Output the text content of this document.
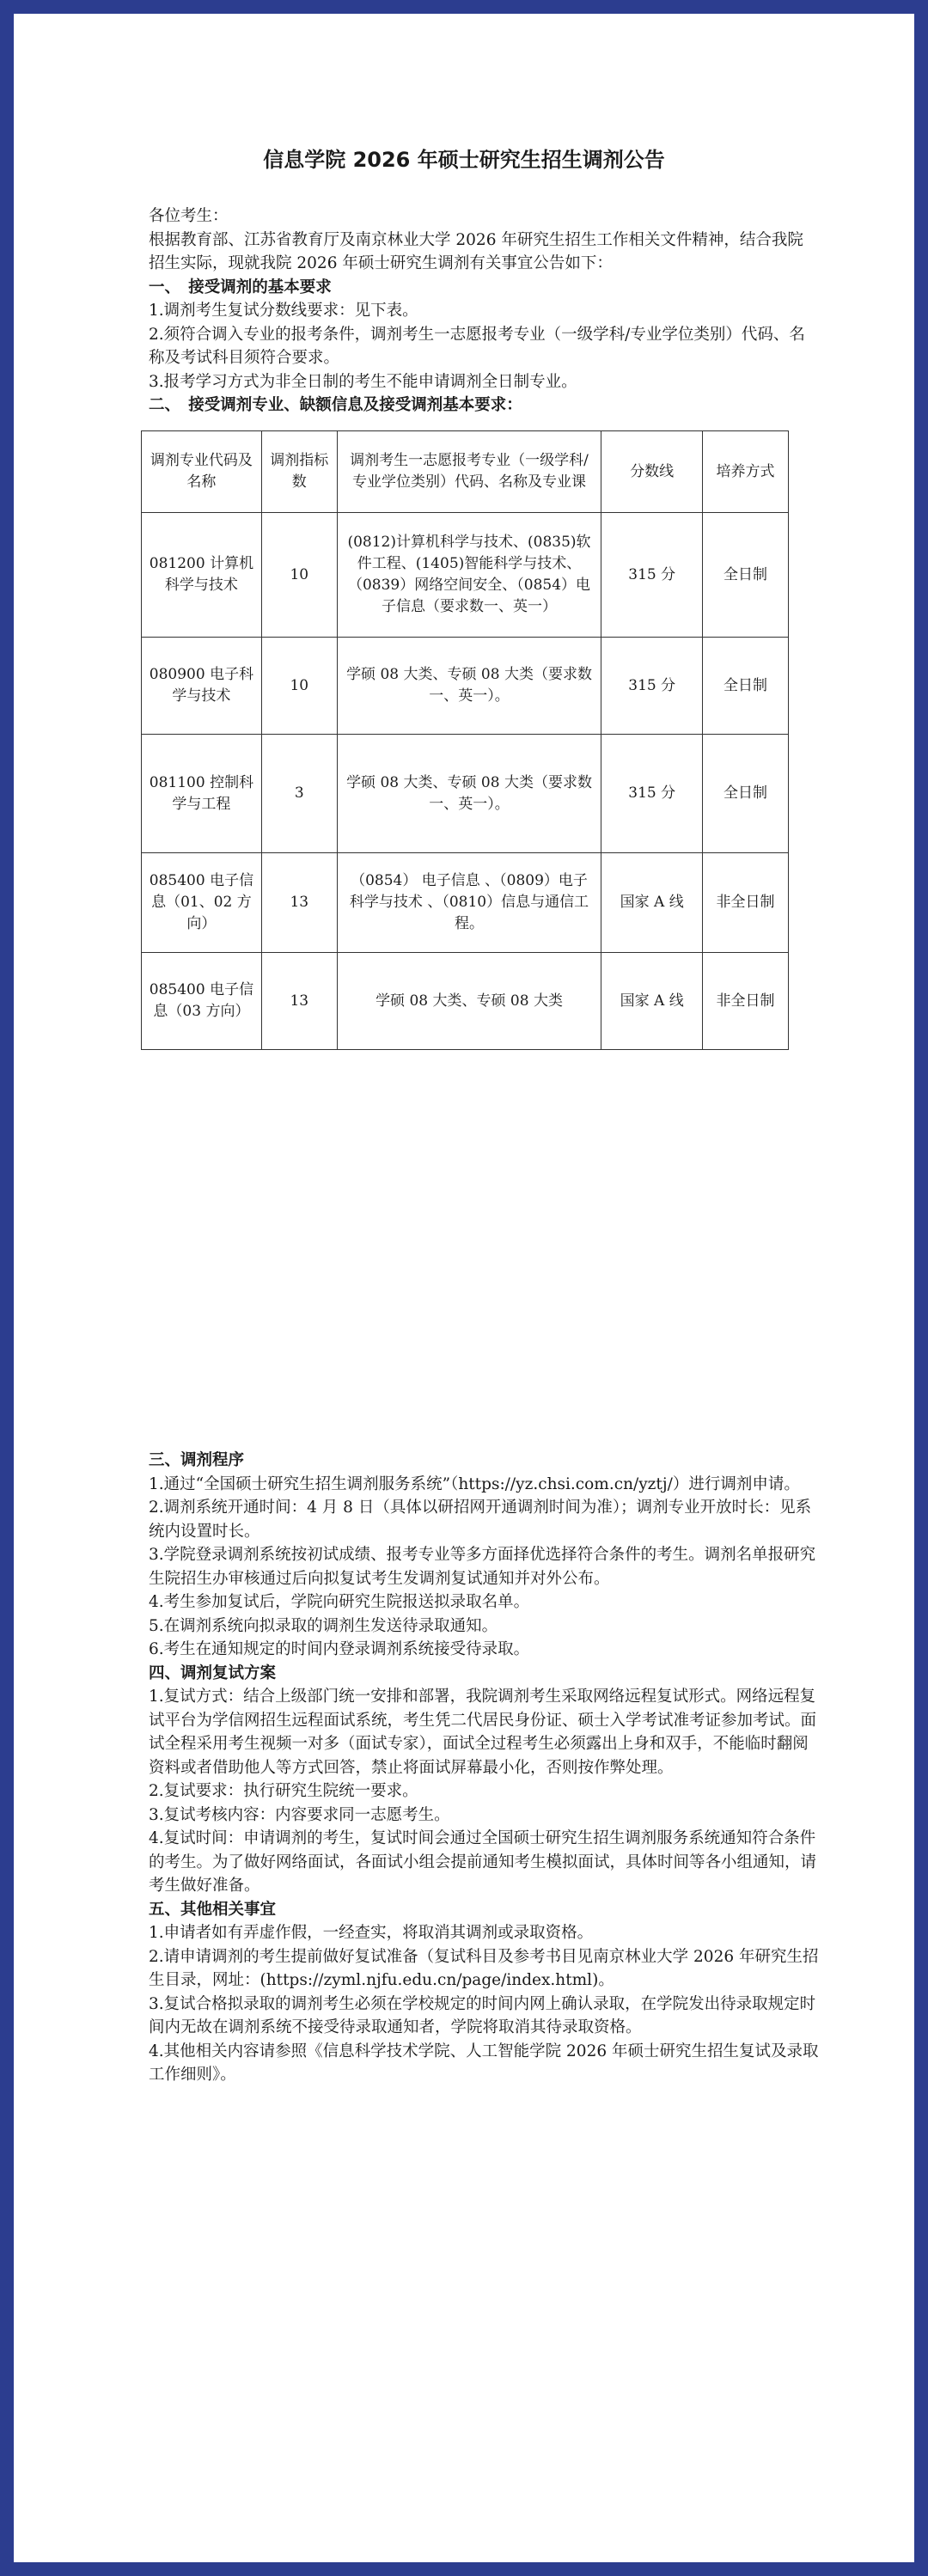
信息学院 2026 年硕士研究生招生调剂公告

各位考生：

根据教育部、江苏省教育厅及南京林业大学 2026 年研究生招生工作相关文件精神，结合我院招生实际，现就我院 2026 年硕士研究生调剂有关事宜公告如下：

一、　接受调剂的基本要求

1.调剂考生复试分数线要求：见下表。

2.须符合调入专业的报考条件，调剂考生一志愿报考专业（一级学科/专业学位类别）代码、名称及考试科目须符合要求。

3.报考学习方式为非全日制的考生不能申请调剂全日制专业。

二、　接受调剂专业、缺额信息及接受调剂基本要求：

调剂专业代码及名称	调剂指标数	调剂考生一志愿报考专业（一级学科/专业学位类别）代码、名称及专业课	分数线	培养方式
081200 计算机科学与技术	10	(0812)计算机科学与技术、(0835)软件工程、(1405)智能科学与技术、（0839）网络空间安全、（0854）电子信息（要求数一、英一）	315 分	全日制
080900 电子科学与技术	10	学硕 08 大类、专硕 08 大类（要求数一、英一）。	315 分	全日制
081100 控制科学与工程	3	学硕 08 大类、专硕 08 大类（要求数一、英一）。	315 分	全日制
085400 电子信息（01、02 方向）	13	（0854） 电子信息 、（0809）电子科学与技术 、（0810）信息与通信工程。	国家 A 线	非全日制
085400 电子信息（03 方向）	13	学硕 08 大类、专硕 08 大类	国家 A 线	非全日制

三、调剂程序

1.通过“全国硕士研究生招生调剂服务系统”（https://yz.chsi.com.cn/yztj/）进行调剂申请。

2.调剂系统开通时间：4 月 8 日（具体以研招网开通调剂时间为准）；调剂专业开放时长：见系统内设置时长。

3.学院登录调剂系统按初试成绩、报考专业等多方面择优选择符合条件的考生。调剂名单报研究生院招生办审核通过后向拟复试考生发调剂复试通知并对外公布。

4.考生参加复试后，学院向研究生院报送拟录取名单。

5.在调剂系统向拟录取的调剂生发送待录取通知。

6.考生在通知规定的时间内登录调剂系统接受待录取。

四、调剂复试方案

1.复试方式：结合上级部门统一安排和部署，我院调剂考生采取网络远程复试形式。网络远程复试平台为学信网招生远程面试系统，考生凭二代居民身份证、硕士入学考试准考证参加考试。面试全程采用考生视频一对多（面试专家），面试全过程考生必须露出上身和双手，不能临时翻阅资料或者借助他人等方式回答，禁止将面试屏幕最小化，否则按作弊处理。

2.复试要求：执行研究生院统一要求。

3.复试考核内容：内容要求同一志愿考生。

4.复试时间：申请调剂的考生，复试时间会通过全国硕士研究生招生调剂服务系统通知符合条件的考生。为了做好网络面试，各面试小组会提前通知考生模拟面试，具体时间等各小组通知，请考生做好准备。

五、其他相关事宜

1.申请者如有弄虚作假，一经查实，将取消其调剂或录取资格。

2.请申请调剂的考生提前做好复试准备（复试科目及参考书目见南京林业大学 2026 年研究生招生目录，网址：(https://zyml.njfu.edu.cn/page/index.html)。

3.复试合格拟录取的调剂考生必须在学校规定的时间内网上确认录取，在学院发出待录取规定时间内无故在调剂系统不接受待录取通知者，学院将取消其待录取资格。

4.其他相关内容请参照《信息科学技术学院、人工智能学院 2026 年硕士研究生招生复试及录取工作细则》。
